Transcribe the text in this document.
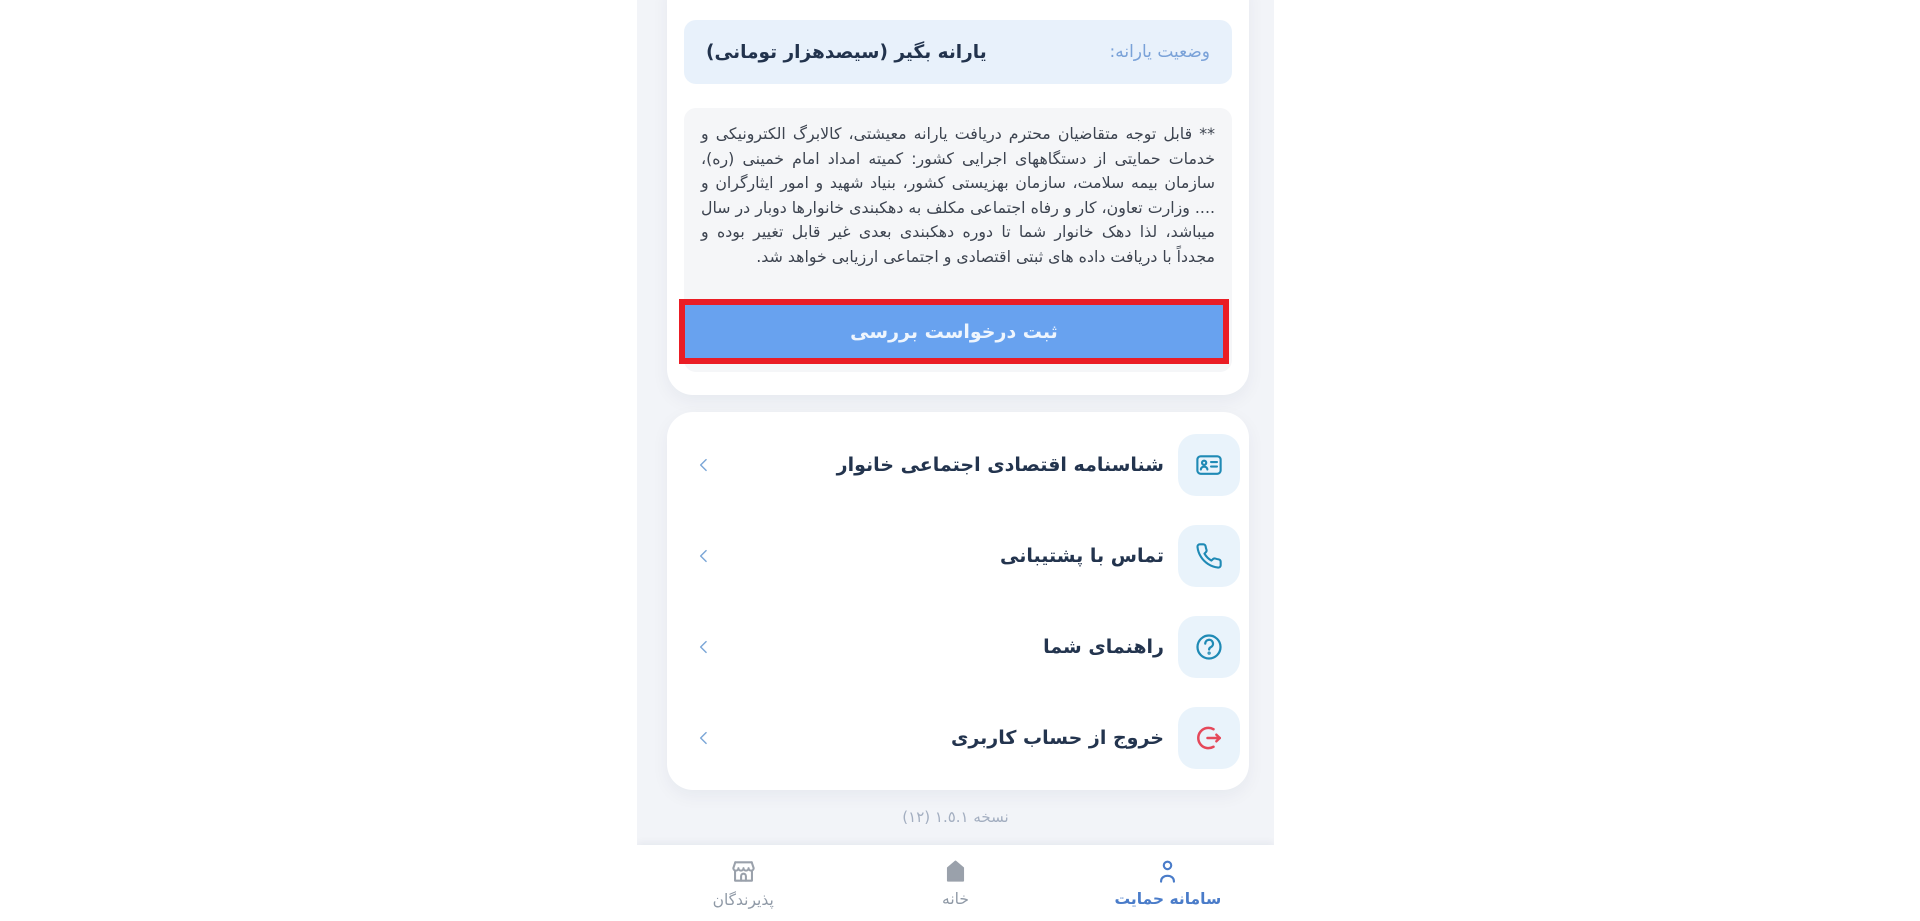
وضعیت یارانه:
یارانه بگیر (سیصدهزار تومانی)

** قابل توجه متقاضیان محترم دریافت یارانه معیشتی، کالابرگ الکترونیکی و خدمات حمایتی از دستگاههای اجرایی کشور: کمیته امداد امام خمینی (ره)، سازمان بیمه سلامت، سازمان بهزیستی کشور، بنیاد شهید و امور ایثارگران و .... وزارت تعاون، کار و رفاه اجتماعی مکلف به دهکبندی خانوارها دوبار در سال میباشد، لذا دهک خانوار شما تا دوره دهکبندی بعدی غیر قابل تغییر بوده و مجدداً با دریافت داده های ثبتی اقتصادی و اجتماعی ارزیابی خواهد شد.

ثبت درخواست بررسی
شناسنامه اقتصادی اجتماعی خانوار
تماس با پشتیبانی
راهنمای شما
خروج از حساب کاربری
نسخه ١.٥.١ (١٢)
سامانه حمایت
خانه
پذیرندگان
